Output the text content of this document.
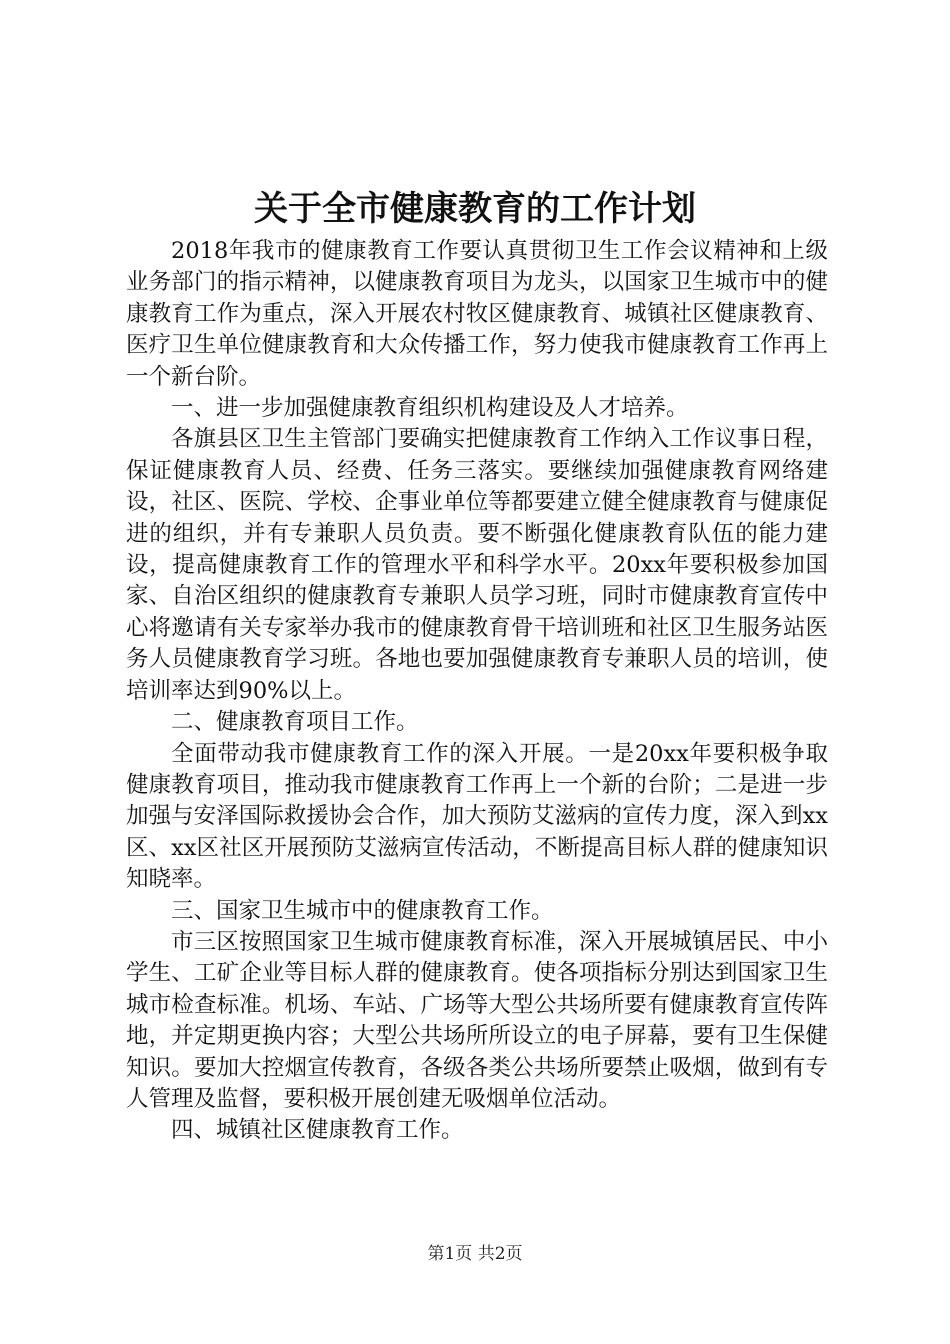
关于全市健康教育的工作计划

2018年我市的健康教育工作要认真贯彻卫生工作会议精神和上级业务部门的指示精神，以健康教育项目为龙头，以国家卫生城市中的健康教育工作为重点，深入开展农村牧区健康教育、城镇社区健康教育、医疗卫生单位健康教育和大众传播工作，努力使我市健康教育工作再上一个新台阶。

一、进一步加强健康教育组织机构建设及人才培养。

各旗县区卫生主管部门要确实把健康教育工作纳入工作议事日程，保证健康教育人员、经费、任务三落实。要继续加强健康教育网络建设，社区、医院、学校、企事业单位等都要建立健全健康教育与健康促进的组织，并有专兼职人员负责。要不断强化健康教育队伍的能力建设，提高健康教育工作的管理水平和科学水平。20xx年要积极参加国家、自治区组织的健康教育专兼职人员学习班，同时市健康教育宣传中心将邀请有关专家举办我市的健康教育骨干培训班和社区卫生服务站医务人员健康教育学习班。各地也要加强健康教育专兼职人员的培训，使培训率达到90%以上。

二、健康教育项目工作。

全面带动我市健康教育工作的深入开展。一是20xx年要积极争取健康教育项目，推动我市健康教育工作再上一个新的台阶；二是进一步加强与安泽国际救援协会合作，加大预防艾滋病的宣传力度，深入到xx区、xx区社区开展预防艾滋病宣传活动，不断提高目标人群的健康知识知晓率。

三、国家卫生城市中的健康教育工作。

市三区按照国家卫生城市健康教育标准，深入开展城镇居民、中小学生、工矿企业等目标人群的健康教育。使各项指标分别达到国家卫生城市检查标准。机场、车站、广场等大型公共场所要有健康教育宣传阵地，并定期更换内容；大型公共场所所设立的电子屏幕，要有卫生保健知识。要加大控烟宣传教育，各级各类公共场所要禁止吸烟，做到有专人管理及监督，要积极开展创建无吸烟单位活动。

四、城镇社区健康教育工作。

第1页 共2页
